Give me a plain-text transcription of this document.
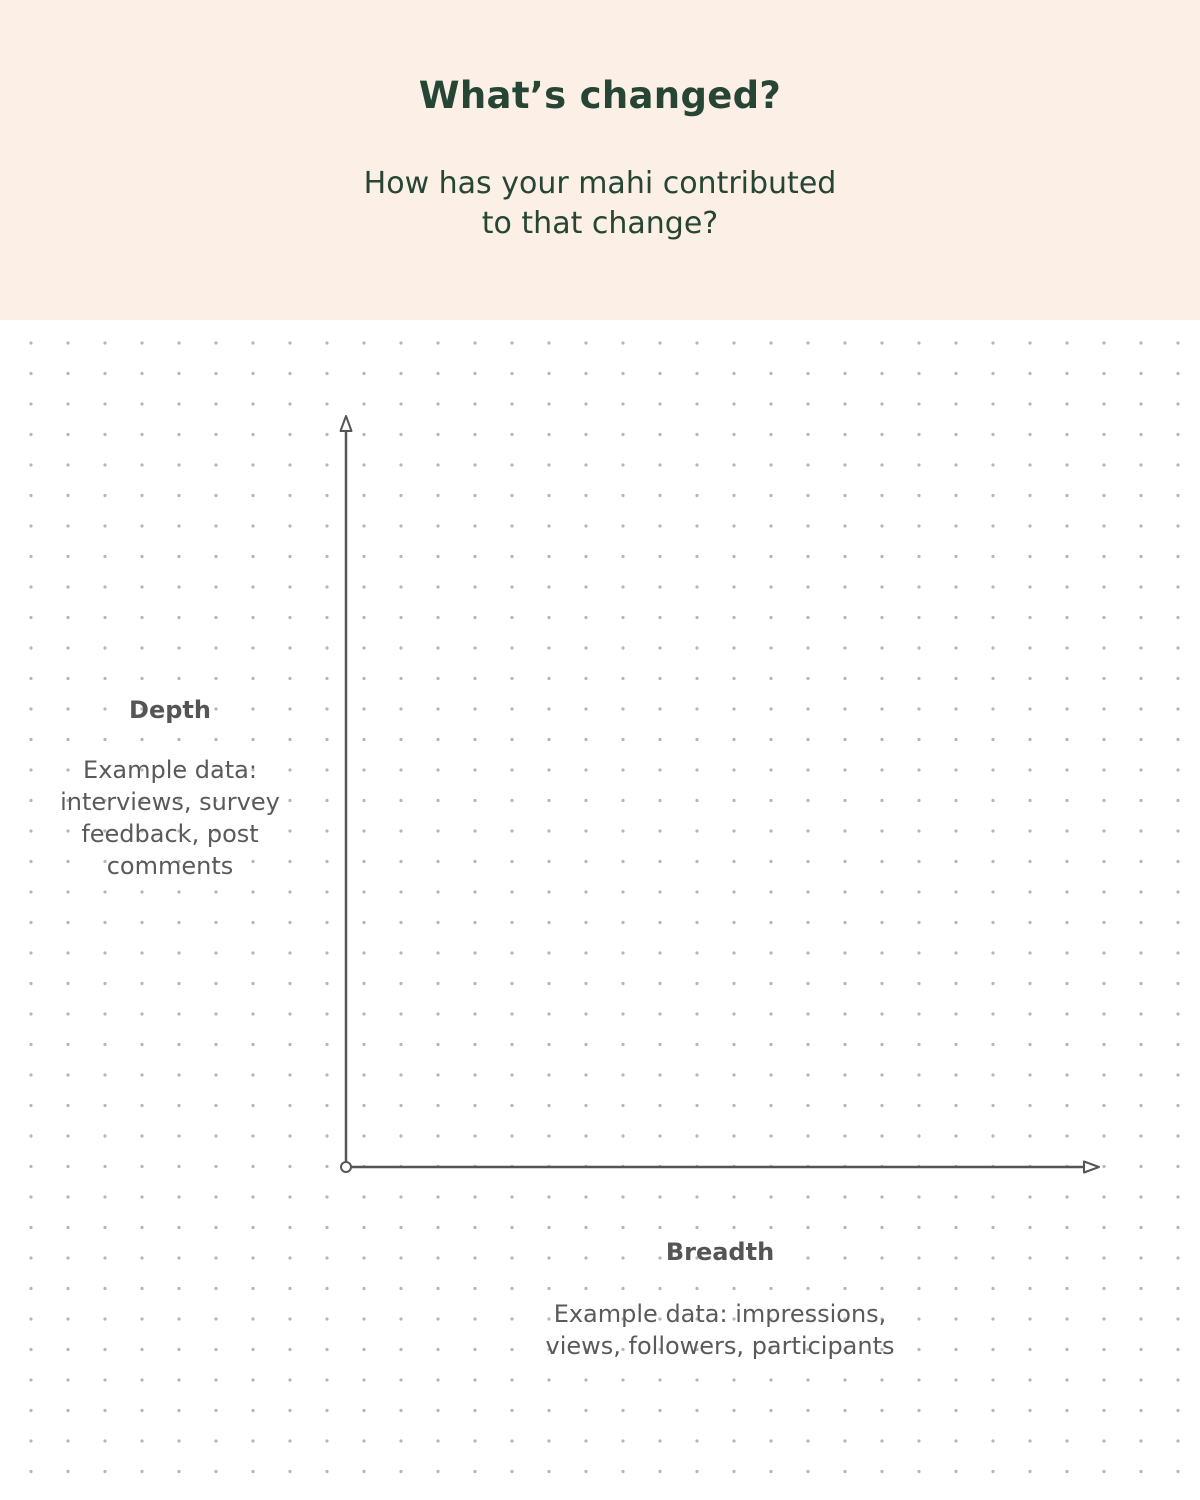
What’s changed?
How has your mahi contributed
to that change?
Depth
Example data:
interviews, survey
feedback, post
comments
Breadth
Example data: impressions,
views, followers, participants
